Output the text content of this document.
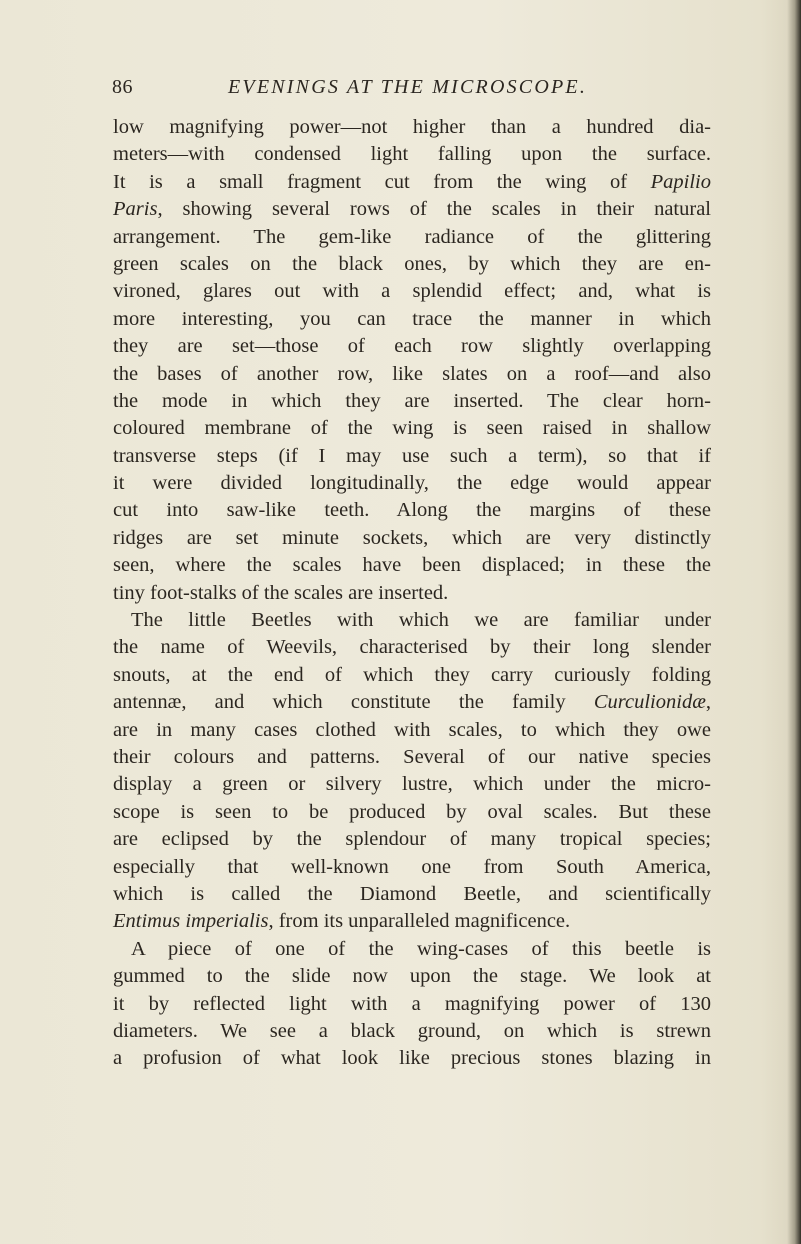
86	EVENINGS AT THE MICROSCOPE.
low magnifying power—not higher than a hundred dia-
meters—with condensed light falling upon the surface.
It is a small fragment cut from the wing of Papilio
Paris, showing several rows of the scales in their natural
arrangement. The gem-like radiance of the glittering
green scales on the black ones, by which they are en-
vironed, glares out with a splendid effect; and, what is
more interesting, you can trace the manner in which
they are set—those of each row slightly overlapping
the bases of another row, like slates on a roof—and also
the mode in which they are inserted. The clear horn-
coloured membrane of the wing is seen raised in shallow
transverse steps (if I may use such a term), so that if
it were divided longitudinally, the edge would appear
cut into saw-like teeth. Along the margins of these
ridges are set minute sockets, which are very distinctly
seen, where the scales have been displaced; in these the
tiny foot-stalks of the scales are inserted.
The little Beetles with which we are familiar under
the name of Weevils, characterised by their long slender
snouts, at the end of which they carry curiously folding
antennæ, and which constitute the family Curculionidæ,
are in many cases clothed with scales, to which they owe
their colours and patterns. Several of our native species
display a green or silvery lustre, which under the micro-
scope is seen to be produced by oval scales. But these
are eclipsed by the splendour of many tropical species;
especially that well-known one from South America,
which is called the Diamond Beetle, and scientifically
Entimus imperialis, from its unparalleled magnificence.
A piece of one of the wing-cases of this beetle is
gummed to the slide now upon the stage. We look at
it by reflected light with a magnifying power of 130
diameters. We see a black ground, on which is strewn
a profusion of what look like precious stones blazing in
